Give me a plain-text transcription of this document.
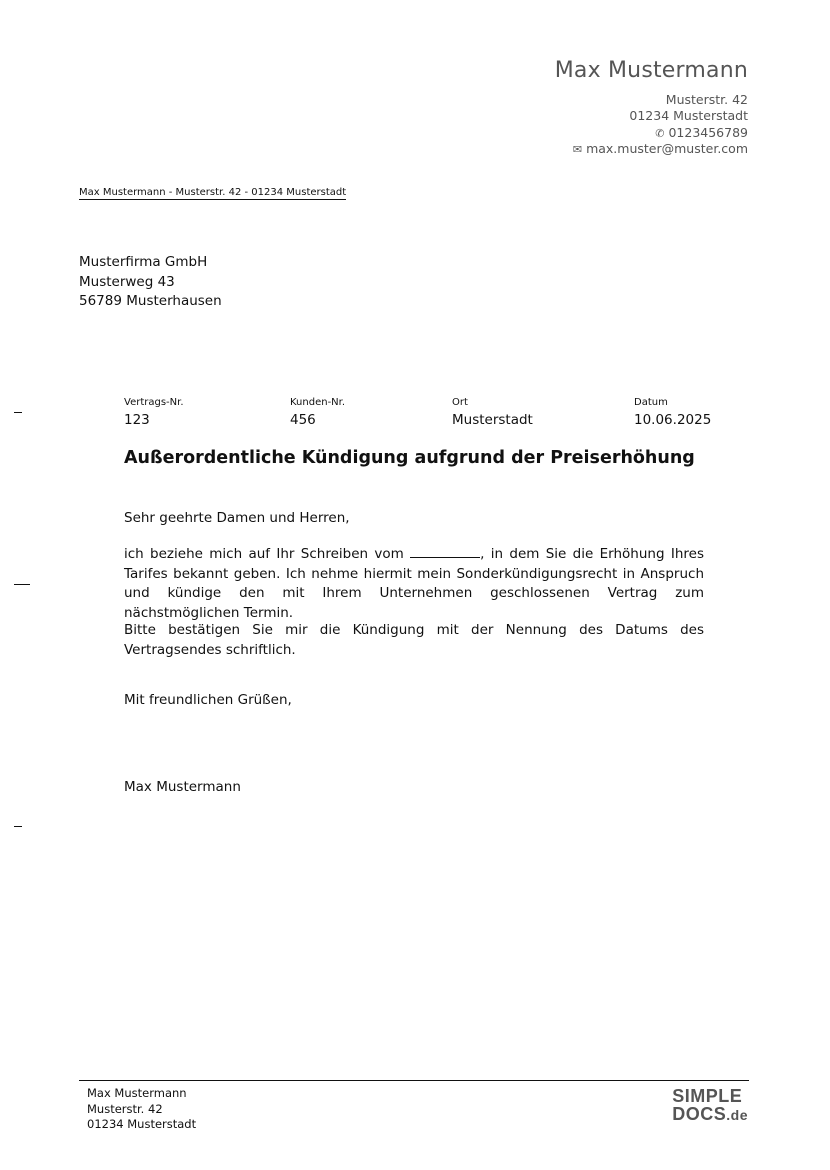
Max Mustermann
Musterstr. 42
01234 Musterstadt
✆ 0123456789
✉ max.muster@muster.com
Max Mustermann - Musterstr. 42 - 01234 Musterstadt
Musterfirma GmbH
Musterweg 43
56789 Musterhausen
Vertrags-Nr.
123
Kunden-Nr.
456
Ort
Musterstadt
Datum
10.06.2025
Außerordentliche Kündigung aufgrund der Preiserhöhung
Sehr geehrte Damen und Herren,
ich beziehe mich auf Ihr Schreiben vom	, in dem Sie die Erhöhung Ihres Tarifes bekannt geben. Ich nehme hiermit mein Sonderkündigungsrecht in Anspruch und kündige den mit Ihrem Unternehmen geschlossenen Vertrag zum nächstmöglichen Termin.
Bitte bestätigen Sie mir die Kündigung mit der Nennung des Datums des Vertragsendes schriftlich.
Mit freundlichen Grüßen,
Max Mustermann
Max Mustermann
Musterstr. 42
01234 Musterstadt
SIMPLE
DOCS.de
